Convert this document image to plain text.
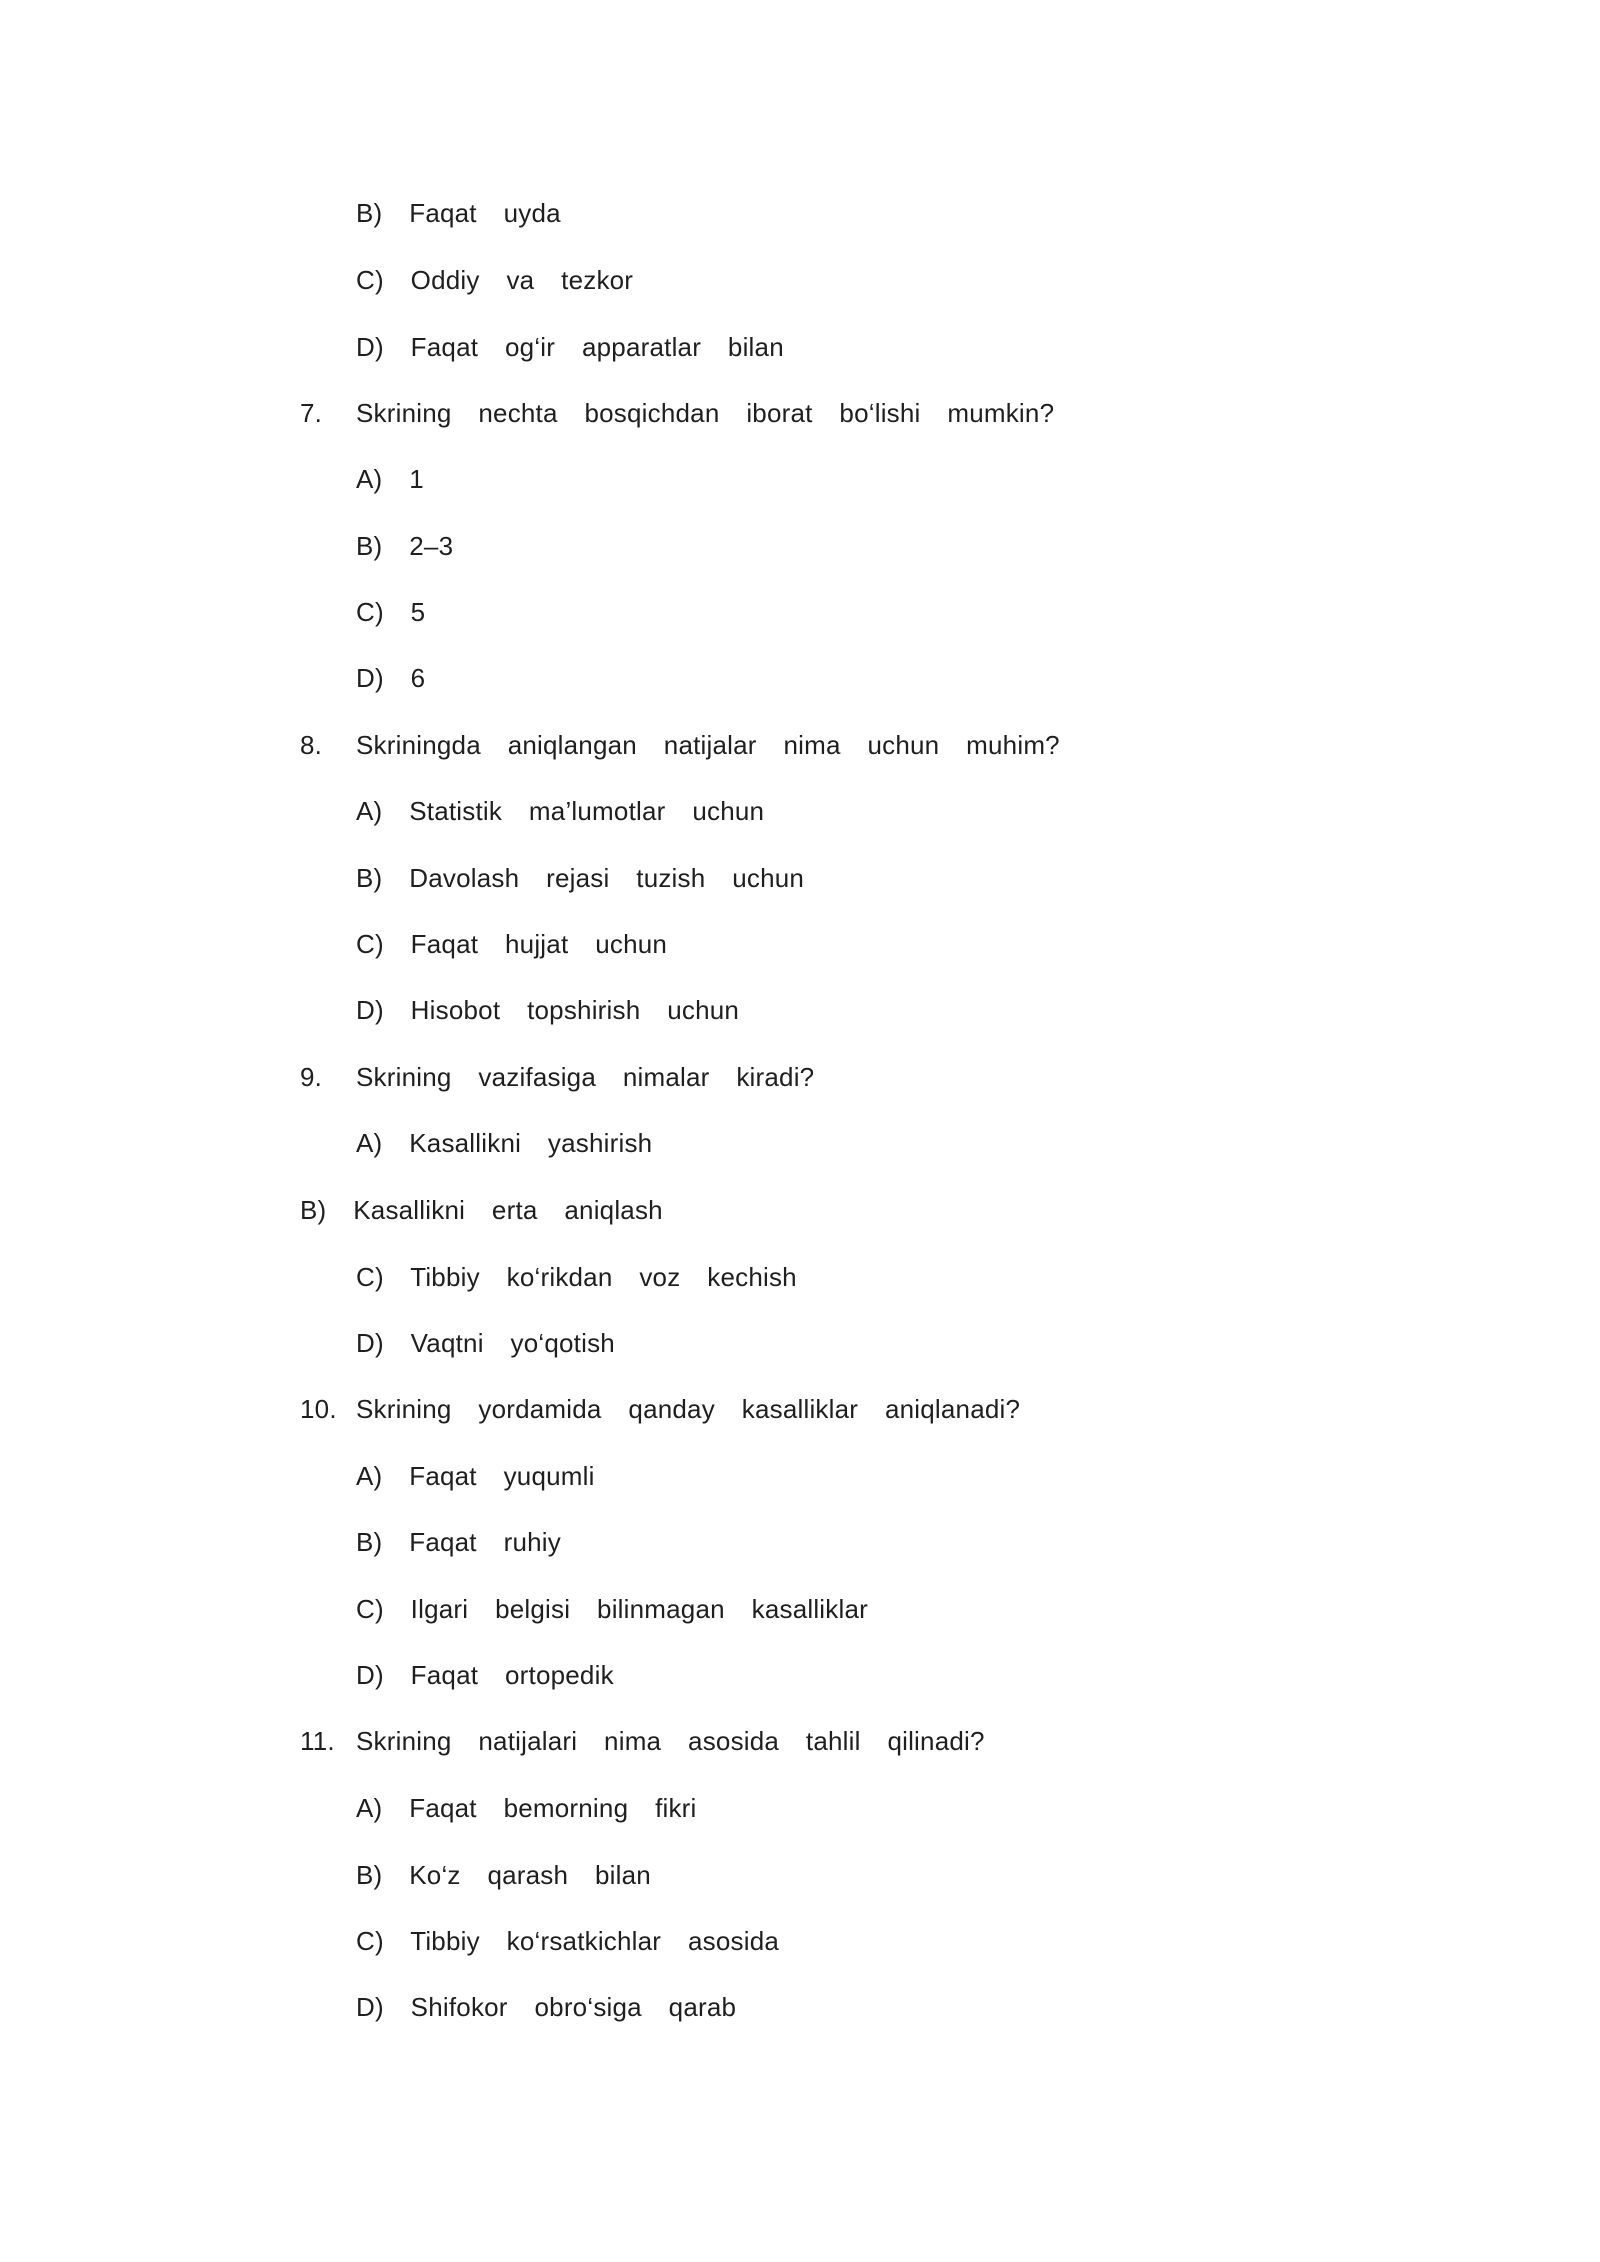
B)  Faqat  uyda
C)  Oddiy  va  tezkor
D)  Faqat  og‘ir  apparatlar  bilan
7. Skrining  nechta  bosqichdan  iborat  bo‘lishi  mumkin?
A)  1
B)  2–3
C)  5
D)  6
8. Skriningda  aniqlangan  natijalar  nima  uchun  muhim?
A)  Statistik  ma’lumotlar  uchun
B)  Davolash  rejasi  tuzish  uchun
C)  Faqat  hujjat  uchun
D)  Hisobot  topshirish  uchun
9. Skrining  vazifasiga  nimalar  kiradi?
A)  Kasallikni  yashirish
B)  Kasallikni  erta  aniqlash
C)  Tibbiy  ko‘rikdan  voz  kechish
D)  Vaqtni  yo‘qotish
10. Skrining  yordamida  qanday  kasalliklar  aniqlanadi?
A)  Faqat  yuqumli
B)  Faqat  ruhiy
C)  Ilgari  belgisi  bilinmagan  kasalliklar
D)  Faqat  ortopedik
11. Skrining  natijalari  nima  asosida  tahlil  qilinadi?
A)  Faqat  bemorning  fikri
B)  Ko‘z  qarash  bilan
C)  Tibbiy  ko‘rsatkichlar  asosida
D)  Shifokor  obro‘siga  qarab
